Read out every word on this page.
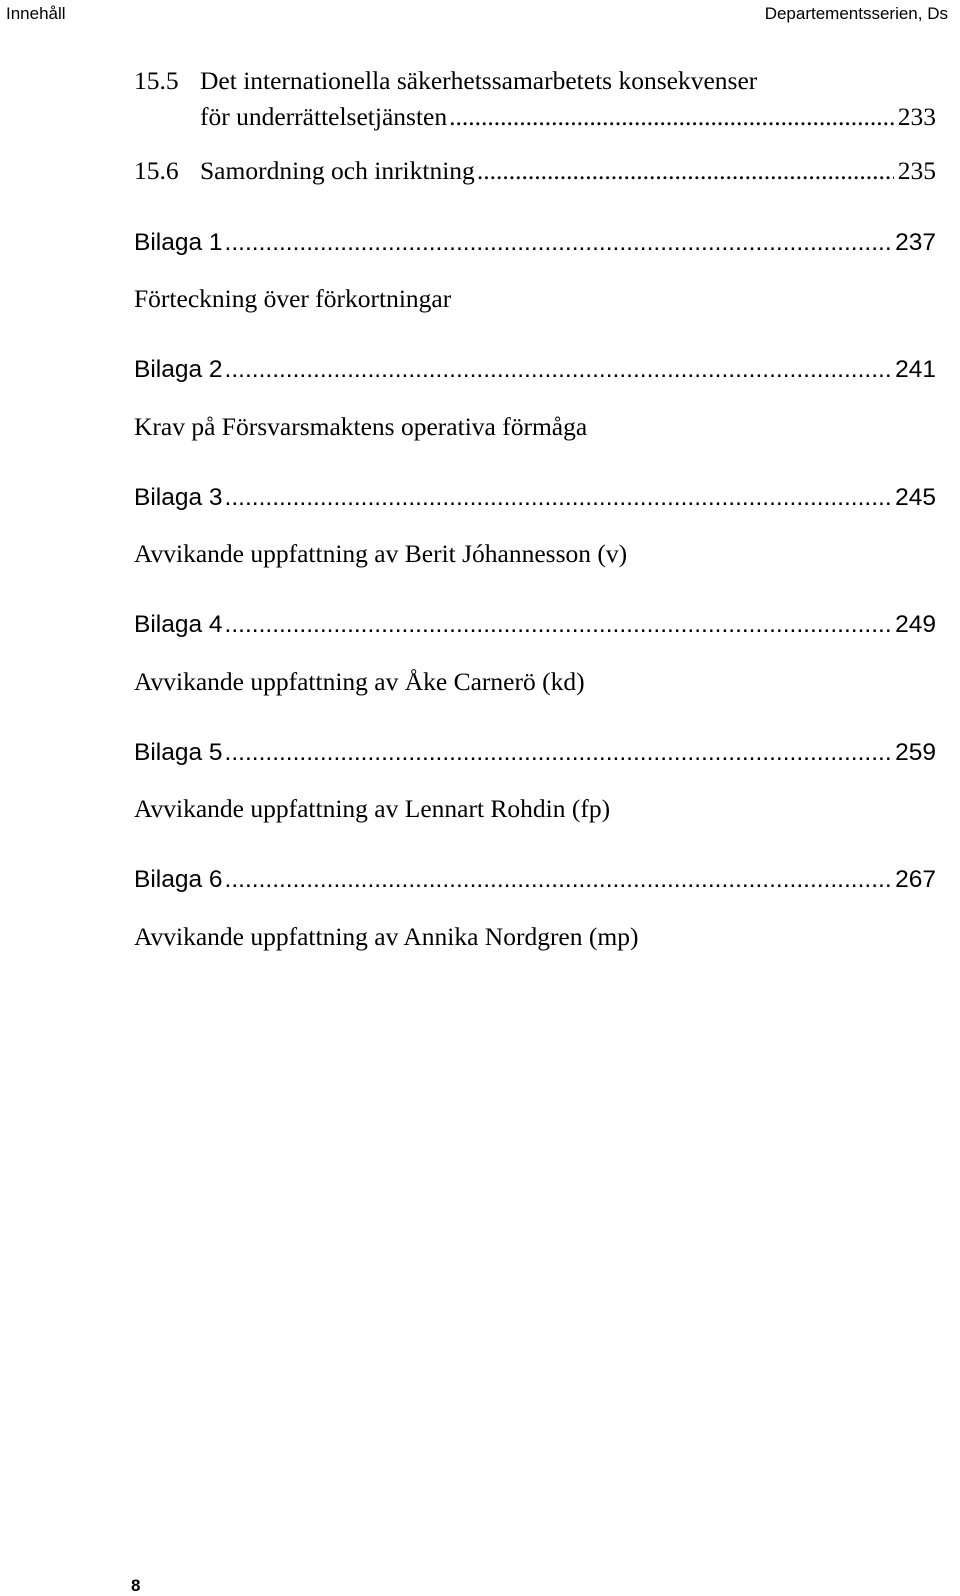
Innehåll	Departementsserien, Ds
15.5 Det internationella säkerhetssamarbetets konsekvenser
för underrättelsetjänsten .....	233
15.6 Samordning och inriktning .....	235
Bilaga 1 .....	237
Förteckning över förkortningar
Bilaga 2 .....	241
Krav på Försvarsmaktens operativa förmåga
Bilaga 3 .....	245
Avvikande uppfattning av Berit Jóhannesson (v)
Bilaga 4 .....	249
Avvikande uppfattning av Åke Carnerö (kd)
Bilaga 5 .....	259
Avvikande uppfattning av Lennart Rohdin (fp)
Bilaga 6 .....	267
Avvikande uppfattning av Annika Nordgren (mp)
8
